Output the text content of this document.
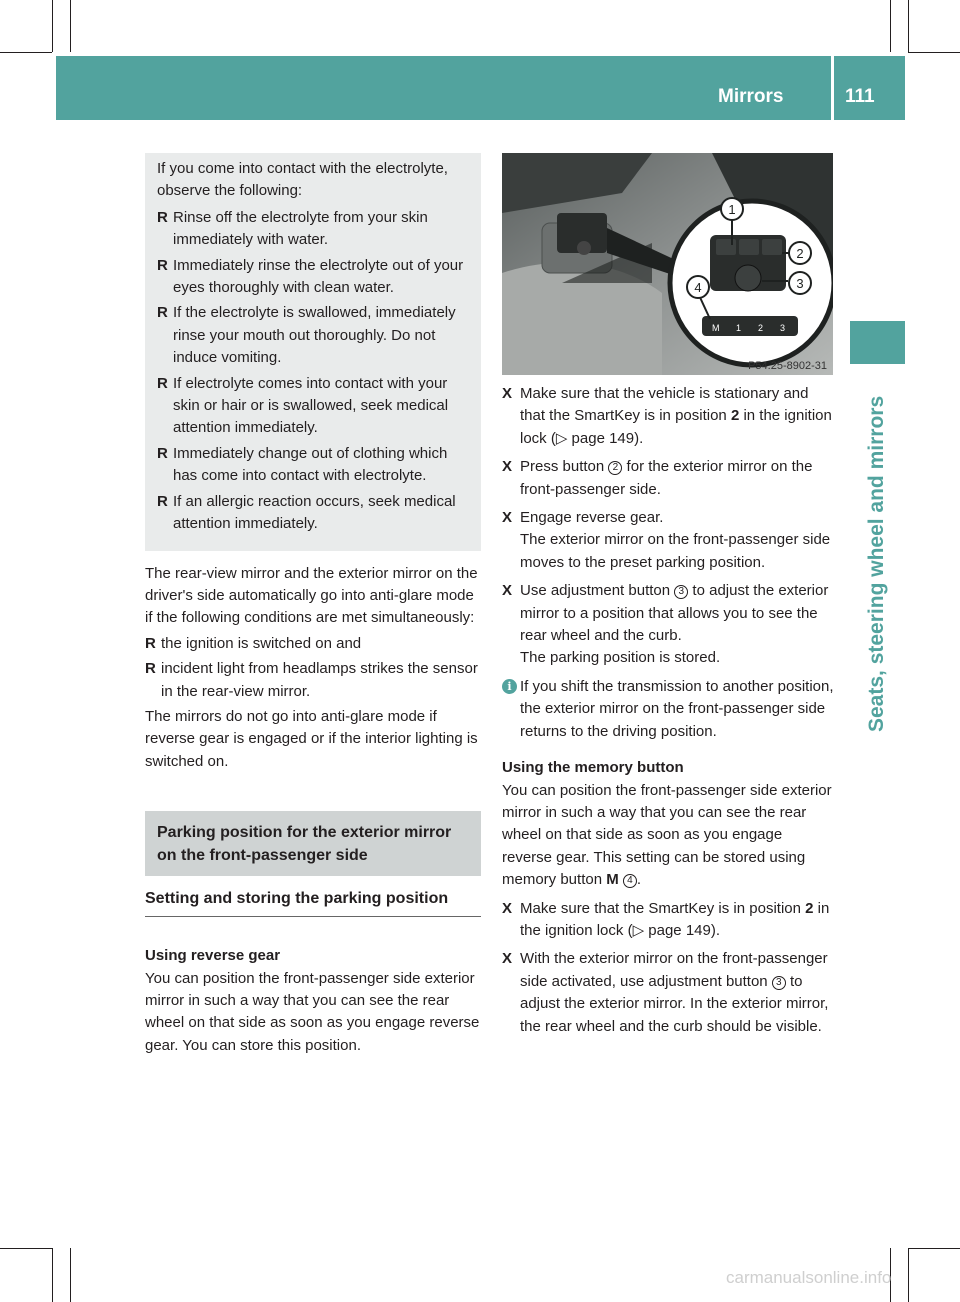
Mirrors	111
Seats, steering wheel and mirrors

If you come into contact with the electrolyte, observe the following:

R Rinse off the electrolyte from your skin immediately with water.
R Immediately rinse the electrolyte out of your eyes thoroughly with clean water.
R If the electrolyte is swallowed, immediately rinse your mouth out thoroughly. Do not induce vomiting.
R If electrolyte comes into contact with your skin or hair or is swallowed, seek medical attention immediately.
R Immediately change out of clothing which has come into contact with electrolyte.
R If an allergic reaction occurs, seek medical attention immediately.

The rear-view mirror and the exterior mirror on the driver's side automatically go into anti-glare mode if the following conditions are met simultaneously:

R the ignition is switched on and
R incident light from headlamps strikes the sensor in the rear-view mirror.

The mirrors do not go into anti-glare mode if reverse gear is engaged or if the interior lighting is switched on.

Parking position for the exterior mirror on the front-passenger side
Setting and storing the parking position
Using reverse gear

You can position the front-passenger side exterior mirror in such a way that you can see the rear wheel on that side as soon as you engage reverse gear. You can store this position.

M 1 2 3
1
2
3
4
P54.25-8902-31
X Make sure that the vehicle is stationary and that the SmartKey is in position 2 in the ignition lock (▷ page 149).
X Press button 2 for the exterior mirror on the front-passenger side.
X Engage reverse gear.
The exterior mirror on the front-passenger side moves to the preset parking position.
X Use adjustment button 3 to adjust the exterior mirror to a position that allows you to see the rear wheel and the curb.
The parking position is stored.
i If you shift the transmission to another position, the exterior mirror on the front-passenger side returns to the driving position.

Using the memory button

You can position the front-passenger side exterior mirror in such a way that you can see the rear wheel on that side as soon as you engage reverse gear. This setting can be stored using memory button M 4 .

X Make sure that the SmartKey is in position 2 in the ignition lock (▷ page 149).
X With the exterior mirror on the front-passenger side activated, use adjustment button 3 to adjust the exterior mirror. In the exterior mirror, the rear wheel and the curb should be visible.
carmanualsonline.info
